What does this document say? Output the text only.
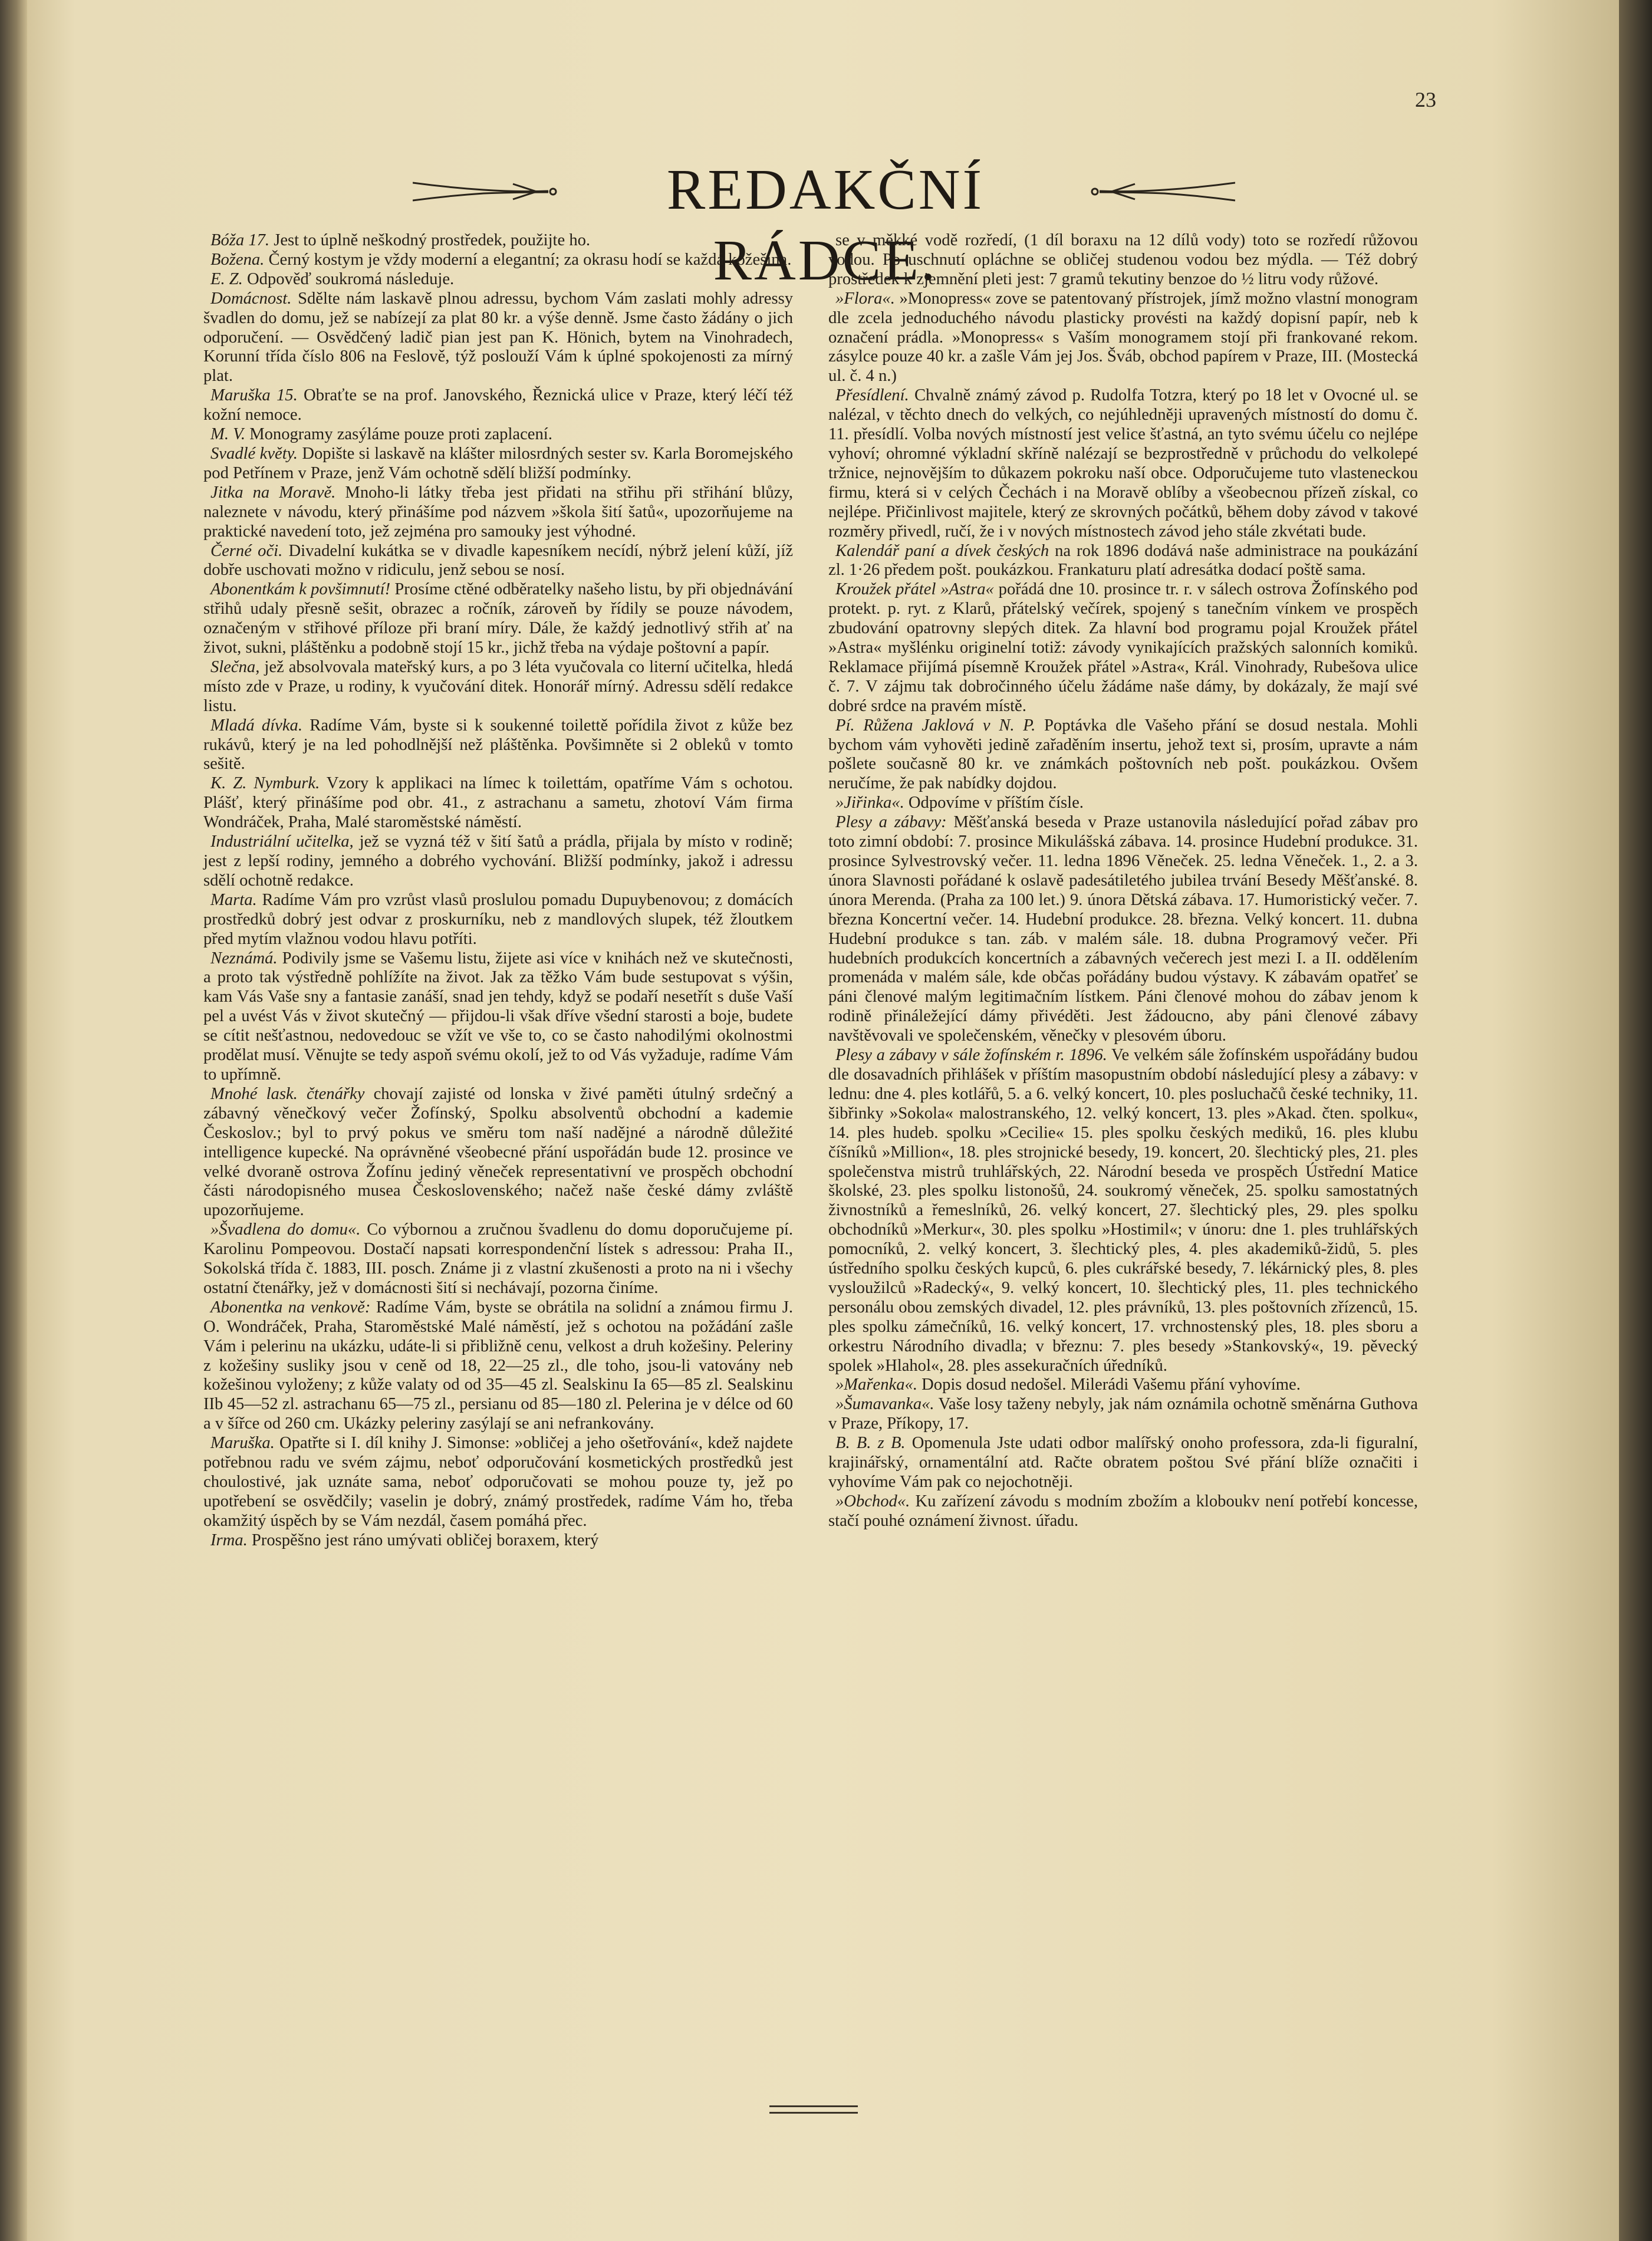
23
REDAKČNÍ RÁDCE.

Bóža 17. Jest to úplně neškodný prostředek, použijte ho.

Božena. Černý kostym je vždy moderní a elegantní; za okrasu hodí se každá kožešina.

E. Z. Odpověď soukromá následuje.

Domácnost. Sdělte nám laskavě plnou adressu, bychom Vám zaslati mohly adressy švadlen do domu, jež se nabízejí za plat 80 kr. a výše denně. Jsme často žádány o jich odporučení. — Osvědčený ladič pian jest pan K. Hönich, bytem na Vinohradech, Korunní třída číslo 806 na Feslově, týž poslouží Vám k úplné spokojenosti za mírný plat.

Maruška 15. Obraťte se na prof. Janovského, Řeznická ulice v Praze, který léčí též kožní nemoce.

M. V. Monogramy zasýláme pouze proti zaplacení.

Svadlé květy. Dopište si laskavě na klášter milosrdných sester sv. Karla Boromejského pod Petřínem v Praze, jenž Vám ochotně sdělí bližší podmínky.

Jitka na Moravě. Mnoho-li látky třeba jest přidati na střihu při střihání blůzy, naleznete v návodu, který přinášíme pod názvem »škola šití šatů«, upozorňujeme na praktické navedení toto, jež zejména pro samouky jest výhodné.

Černé oči. Divadelní kukátka se v divadle kapesníkem necídí, nýbrž jelení kůží, jíž dobře uschovati možno v ridiculu, jenž sebou se nosí.

Abonentkám k povšimnutí! Prosíme ctěné odběratelky našeho listu, by při objednávání střihů udaly přesně sešit, obrazec a ročník, zároveň by řídily se pouze návodem, označeným v střihové příloze při braní míry. Dále, že každý jednotlivý střih ať na život, sukni, pláštěnku a podobně stojí 15 kr., jichž třeba na výdaje poštovní a papír.

Slečna, jež absolvovala mateřský kurs, a po 3 léta vyučovala co literní učitelka, hledá místo zde v Praze, u rodiny, k vyučování ditek. Honorář mírný. Adressu sdělí redakce listu.

Mladá dívka. Radíme Vám, byste si k soukenné toilettě pořídila život z kůže bez rukávů, který je na led pohodlnější než pláštěnka. Povšimněte si 2 obleků v tomto sešitě.

K. Z. Nymburk. Vzory k applikaci na límec k toilettám, opatříme Vám s ochotou. Plášť, který přinášíme pod obr. 41., z astrachanu a sametu, zhotoví Vám firma Wondráček, Praha, Malé staroměstské náměstí.

Industriální učitelka, jež se vyzná též v šití šatů a prádla, přijala by místo v rodině; jest z lepší rodiny, jemného a dobrého vychování. Bližší podmínky, jakož i adressu sdělí ochotně redakce.

Marta. Radíme Vám pro vzrůst vlasů proslulou pomadu Dupuybenovou; z domácích prostředků dobrý jest odvar z proskurníku, neb z mandlových slupek, též žloutkem před mytím vlažnou vodou hlavu potříti.

Neznámá. Podivily jsme se Vašemu listu, žijete asi více v knihách než ve skutečnosti, a proto tak výstředně pohlížíte na život. Jak za těžko Vám bude sestupovat s výšin, kam Vás Vaše sny a fantasie zanáší, snad jen tehdy, když se podaří nesetřít s duše Vaší pel a uvést Vás v život skutečný — přijdou-li však dříve všední starosti a boje, budete se cítit nešťastnou, nedovedouc se vžít ve vše to, co se často nahodilými okolnostmi prodělat musí. Věnujte se tedy aspoň svému okolí, jež to od Vás vyžaduje, radíme Vám to upřímně.

Mnohé lask. čtenářky chovají zajisté od lonska v živé paměti útulný srdečný a zábavný věnečkový večer Žofínský, Spolku absolventů obchodní a kademie Českoslov.; byl to prvý pokus ve směru tom naší nadějné a národně důležité intelligence kupecké. Na oprávněné všeobecné přání uspořádán bude 12. prosince ve velké dvoraně ostrova Žofínu jediný věneček representativní ve prospěch obchodní části národopisného musea Československého; načež naše české dámy zvláště upozorňujeme.

»Švadlena do domu«. Co výbornou a zručnou švadlenu do domu doporučujeme pí. Karolinu Pompeovou. Dostačí napsati korrespondenční lístek s adressou: Praha II., Sokolská třída č. 1883, III. posch. Známe ji z vlastní zkušenosti a proto na ni i všechy ostatní čtenářky, jež v domácnosti šití si nechávají, pozorna činíme.

Abonentka na venkově: Radíme Vám, byste se obrátila na solidní a známou firmu J. O. Wondráček, Praha, Staroměstské Malé náměstí, jež s ochotou na požádání zašle Vám i pelerinu na ukázku, udáte-li si přibližně cenu, velkost a druh kožešiny. Peleriny z kožešiny susliky jsou v ceně od 18, 22—25 zl., dle toho, jsou-li vatovány neb kožešinou vyloženy; z kůže valaty od od 35—45 zl. Sealskinu Ia 65—85 zl. Sealskinu IIb 45—52 zl. astrachanu 65—75 zl., persianu od 85—180 zl. Pelerina je v délce od 60 a v šířce od 260 cm. Ukázky peleriny zasýlají se ani nefrankovány.

Maruška. Opatřte si I. díl knihy J. Simonse: »obličej a jeho ošetřování«, kdež najdete potřebnou radu ve svém zájmu, neboť odporučování kosmetických prostředků jest choulostivé, jak uznáte sama, neboť odporučovati se mohou pouze ty, jež po upotřebení se osvědčily; vaselin je dobrý, známý prostředek, radíme Vám ho, třeba okamžitý úspěch by se Vám nezdál, časem pomáhá přec.

Irma. Prospěšno jest ráno umývati obličej boraxem, který

se v měkké vodě rozředí, (1 díl boraxu na 12 dílů vody) toto se rozředí růžovou vodou. Po uschnutí opláchne se obličej studenou vodou bez mýdla. — Též dobrý prostředek k zjemnění pleti jest: 7 gramů tekutiny benzoe do ½ litru vody růžové.

»Flora«. »Monopress« zove se patentovaný přístrojek, jímž možno vlastní monogram dle zcela jednoduchého návodu plasticky provésti na každý dopisní papír, neb k označení prádla. »Monopress« s Vaším monogramem stojí při frankované rekom. zásylce pouze 40 kr. a zašle Vám jej Jos. Šváb, obchod papírem v Praze, III. (Mostecká ul. č. 4 n.)

Přesídlení. Chvalně známý závod p. Rudolfa Totzra, který po 18 let v Ovocné ul. se nalézal, v těchto dnech do velkých, co nejúhledněji upravených místností do domu č. 11. přesídlí. Volba nových místností jest velice šťastná, an tyto svému účelu co nejlépe vyhoví; ohromné výkladní skříně nalézají se bezprostředně v průchodu do velkolepé tržnice, nejnovějším to důkazem pokroku naší obce. Odporučujeme tuto vlasteneckou firmu, která si v celých Čechách i na Moravě oblíby a všeobecnou přízeň získal, co nejlépe. Přičinlivost majitele, který ze skrovných počátků, během doby závod v takové rozměry přivedl, ručí, že i v nových místnostech závod jeho stále zkvétati bude.

Kalendář paní a dívek českých na rok 1896 dodává naše administrace na poukázání zl. 1·26 předem pošt. poukázkou. Frankaturu platí adresátka dodací poště sama.

Kroužek přátel »Astra« pořádá dne 10. prosince tr. r. v sálech ostrova Žofínského pod protekt. p. ryt. z Klarů, přátelský večírek, spojený s tanečním vínkem ve prospěch zbudování opatrovny slepých ditek. Za hlavní bod programu pojal Kroužek přátel »Astra« myšlénku originelní totiž: závody vynikajících pražských salonních komiků. Reklamace přijímá písemně Kroužek přátel »Astra«, Král. Vinohrady, Rubešova ulice č. 7. V zájmu tak dobročinného účelu žádáme naše dámy, by dokázaly, že mají své dobré srdce na pravém místě.

Pí. Růžena Jaklová v N. P. Poptávka dle Vašeho přání se dosud nestala. Mohli bychom vám vyhověti jedině zařaděním insertu, jehož text si, prosím, upravte a nám pošlete současně 80 kr. ve známkách poštovních neb pošt. poukázkou. Ovšem neručíme, že pak nabídky dojdou.

»Jiřinka«. Odpovíme v příštím čísle.

Plesy a zábavy: Měšťanská beseda v Praze ustanovila následující pořad zábav pro toto zimní období: 7. prosince Mikulášská zábava. 14. prosince Hudební produkce. 31. prosince Sylvestrovský večer. 11. ledna 1896 Věneček. 25. ledna Věneček. 1., 2. a 3. února Slavnosti pořádané k oslavě padesátiletého jubilea trvání Besedy Měšťanské. 8. února Merenda. (Praha za 100 let.) 9. února Dětská zábava. 17. Humoristický večer. 7. března Koncertní večer. 14. Hudební produkce. 28. března. Velký koncert. 11. dubna Hudební produkce s tan. záb. v malém sále. 18. dubna Programový večer. Při hudebních produkcích koncertních a zábavných večerech jest mezi I. a II. oddělením promenáda v malém sále, kde občas pořádány budou výstavy. K zábavám opatřeť se páni členové malým legitimačním lístkem. Páni členové mohou do zábav jenom k rodině přináležející dámy přivéděti. Jest žádoucno, aby páni členové zábavy navštěvovali ve společenském, věnečky v plesovém úboru.

Plesy a zábavy v sále žofínském r. 1896. Ve velkém sále žofínském uspořádány budou dle dosavadních přihlášek v příštím masopustním období následující plesy a zábavy: v lednu: dne 4. ples kotlářů, 5. a 6. velký koncert, 10. ples posluchačů české techniky, 11. šibřinky »Sokola« malostranského, 12. velký koncert, 13. ples »Akad. čten. spolku«, 14. ples hudeb. spolku »Cecilie« 15. ples spolku českých mediků, 16. ples klubu číšníků »Million«, 18. ples strojnické besedy, 19. koncert, 20. šlechtický ples, 21. ples společenstva mistrů truhlářských, 22. Národní beseda ve prospěch Ústřední Matice školské, 23. ples spolku listonošů, 24. soukromý věneček, 25. spolku samostatných živnostníků a řemeslníků, 26. velký koncert, 27. šlechtický ples, 29. ples spolku obchodníků »Merkur«, 30. ples spolku »Hostimil«; v únoru: dne 1. ples truhlářských pomocníků, 2. velký koncert, 3. šlechtický ples, 4. ples akademiků-židů, 5. ples ústředního spolku českých kupců, 6. ples cukrářské besedy, 7. lékárnický ples, 8. ples vysloužilců »Radecký«, 9. velký koncert, 10. šlechtický ples, 11. ples technického personálu obou zemských divadel, 12. ples právníků, 13. ples poštovních zřízenců, 15. ples spolku zámečníků, 16. velký koncert, 17. vrchnostenský ples, 18. ples sboru a orkestru Národního divadla; v březnu: 7. ples besedy »Stankovský«, 19. pěvecký spolek »Hlahol«, 28. ples assekuračních úředníků.

»Mařenka«. Dopis dosud nedošel. Milerádi Vašemu přání vyhovíme.

»Šumavanka«. Vaše losy taženy nebyly, jak nám oznámila ochotně směnárna Guthova v Praze, Příkopy, 17.

B. B. z B. Opomenula Jste udati odbor malířský onoho professora, zda-li figuralní, krajinářský, ornamentální atd. Račte obratem poštou Své přání blíže označiti i vyhovíme Vám pak co nejochotněji.

»Obchod«. Ku zařízení závodu s modním zbožím a kloboukv není potřebí koncesse, stačí pouhé oznámení živnost. úřadu.
